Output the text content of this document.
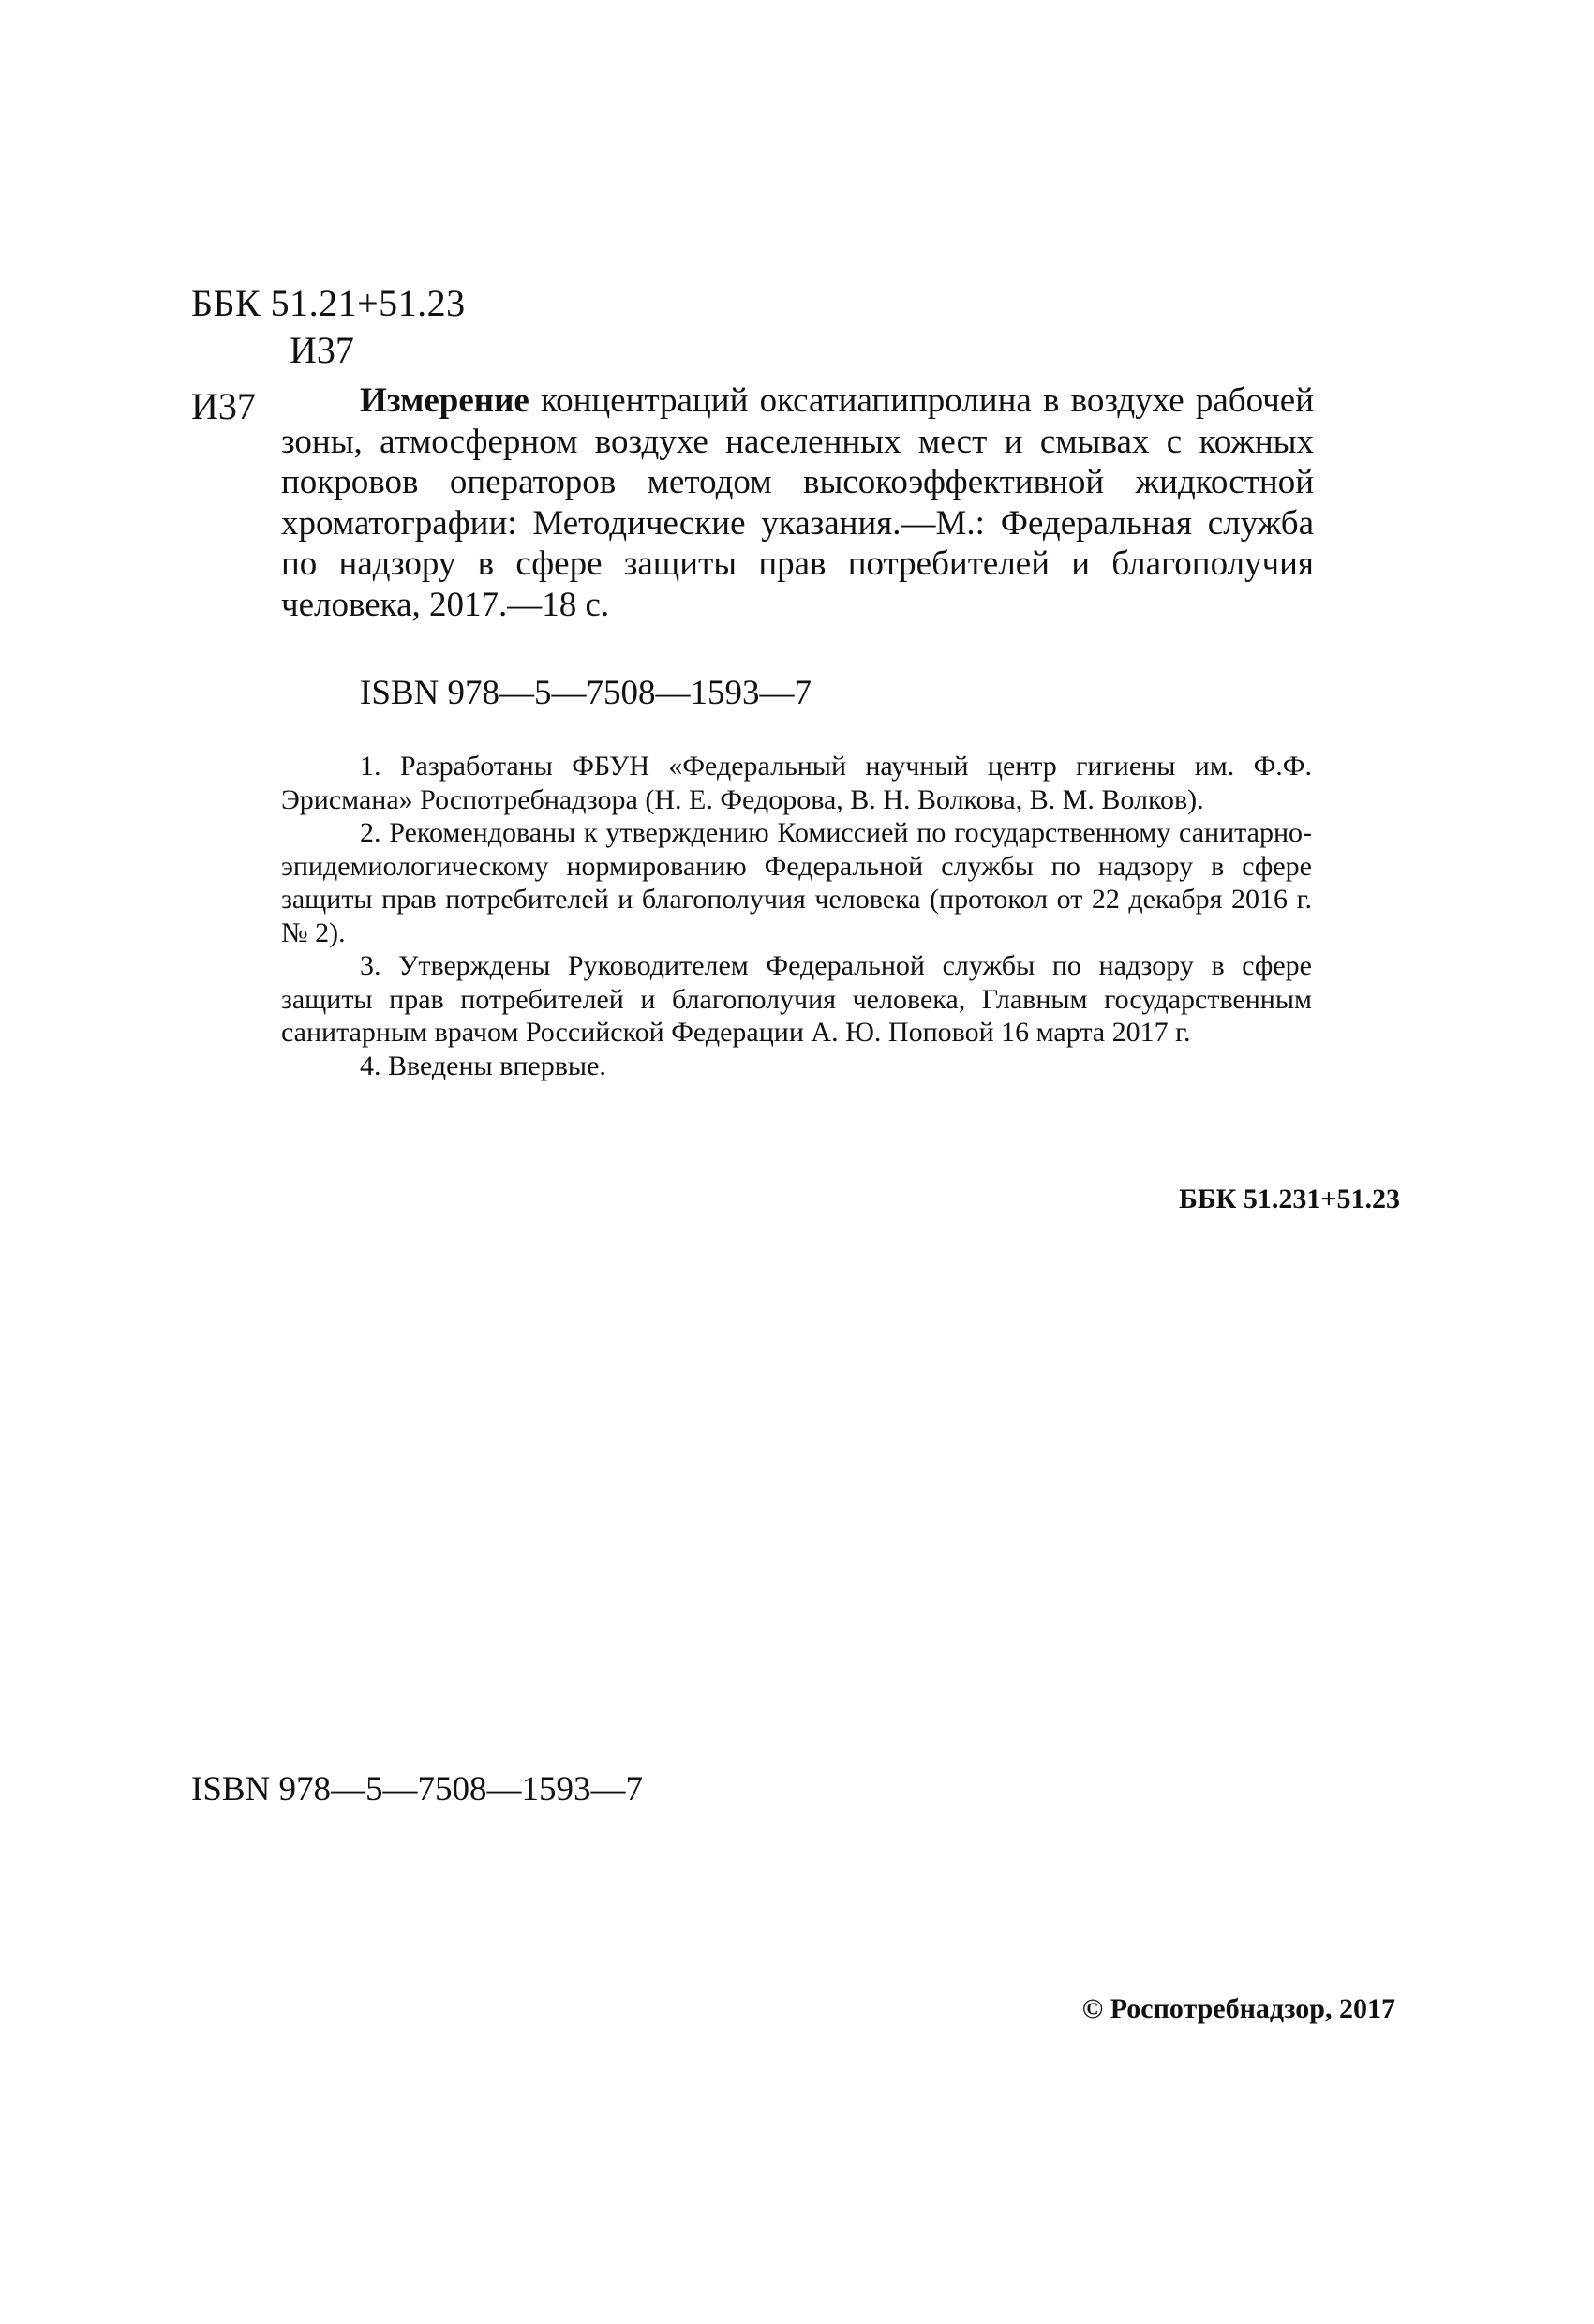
ББК 51.21+51.23
И37
И37	Измерение концентраций оксатиапипролина в воздухе рабочей зоны, атмосферном воздухе населенных мест и смывах с кожных покровов операторов методом высокоэффективной жидкостной хроматографии: Методические указания.—М.: Федеральная служба по надзору в сфере защиты прав потребителей и благополучия человека, 2017.—18 с.

ISBN 978—5—7508—1593—7

1. Разработаны ФБУН «Федеральный научный центр гигиены им. Ф.Ф. Эрисмана» Роспотребнадзора (Н. Е. Федорова, В. Н. Волкова, В. М. Волков).

2. Рекомендованы к утверждению Комиссией по государственному санитарно-эпидемиологическому нормированию Федеральной службы по надзору в сфере защиты прав потребителей и благополучия человека (протокол от 22 декабря 2016 г. № 2).

3. Утверждены Руководителем Федеральной службы по надзору в сфере защиты прав потребителей и благополучия человека, Главным государственным санитарным врачом Российской Федерации А. Ю. Поповой 16 марта 2017 г.

4. Введены впервые.

ББК 51.231+51.23
ISBN 978—5—7508—1593—7
© Роспотребнадзор, 2017
